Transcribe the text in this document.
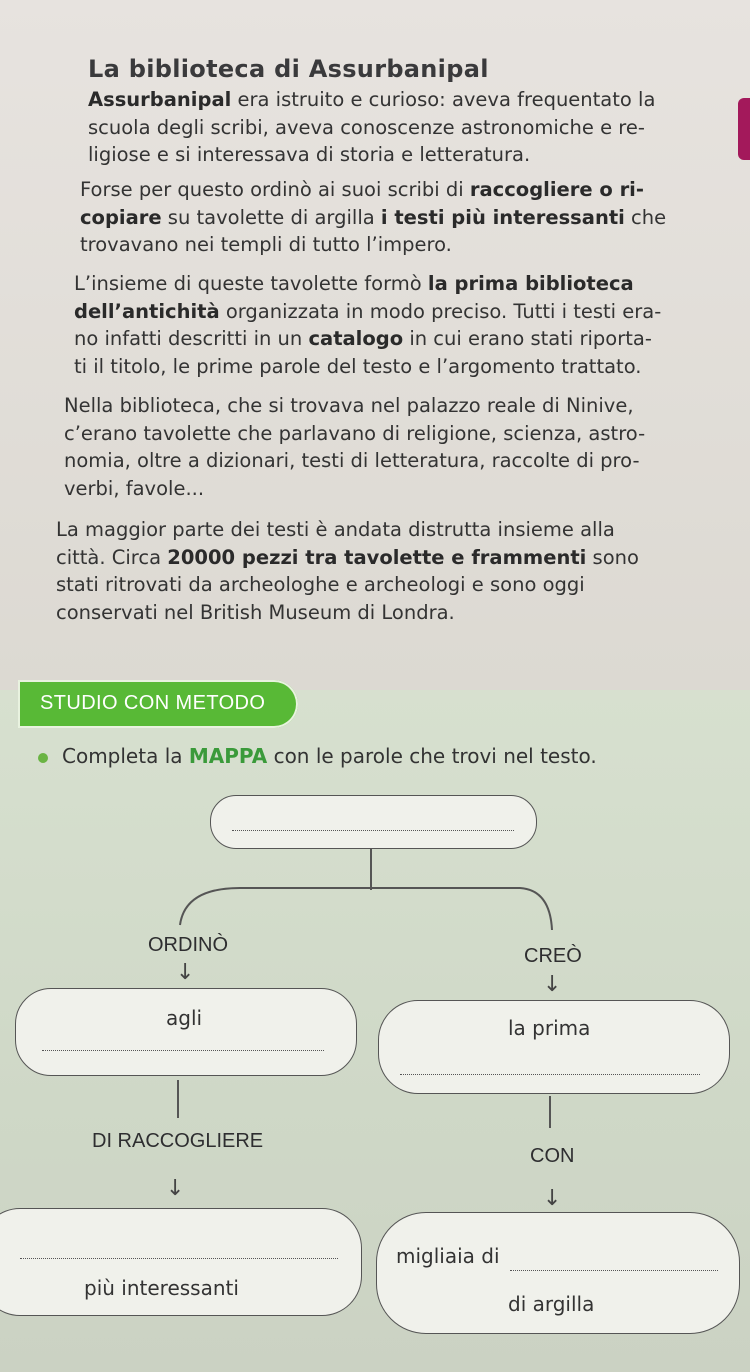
La biblioteca di Assurbanipal

Assurbanipal era istruito e curioso: aveva frequentato la

scuola degli scribi, aveva conoscenze astronomiche e re-

ligiose e si interessava di storia e letteratura.

Forse per questo ordinò ai suoi scribi di raccogliere o ri-

copiare su tavolette di argilla i testi più interessanti che

trovavano nei templi di tutto l’impero.

L’insieme di queste tavolette formò la prima biblioteca

dell’antichità organizzata in modo preciso. Tutti i testi era-

no infatti descritti in un catalogo in cui erano stati riporta-

ti il titolo, le prime parole del testo e l’argomento trattato.

Nella biblioteca, che si trovava nel palazzo reale di Ninive,

c’erano tavolette che parlavano di religione, scienza, astro-

nomia, oltre a dizionari, testi di letteratura, raccolte di pro-

verbi, favole...

La maggior parte dei testi è andata distrutta insieme alla

città. Circa 20000 pezzi tra tavolette e frammenti sono

stati ritrovati da archeologhe e archeologi e sono oggi

conservati nel British Museum di Londra.

STUDIO CON METODO
Completa la MAPPA con le parole che trovi nel testo.
ORDINÒ	CREÒ
↓	↓
agli	la prima
DI RACCOGLIERE
CON
↓	↓
più interessanti
migliaia di
di argilla
